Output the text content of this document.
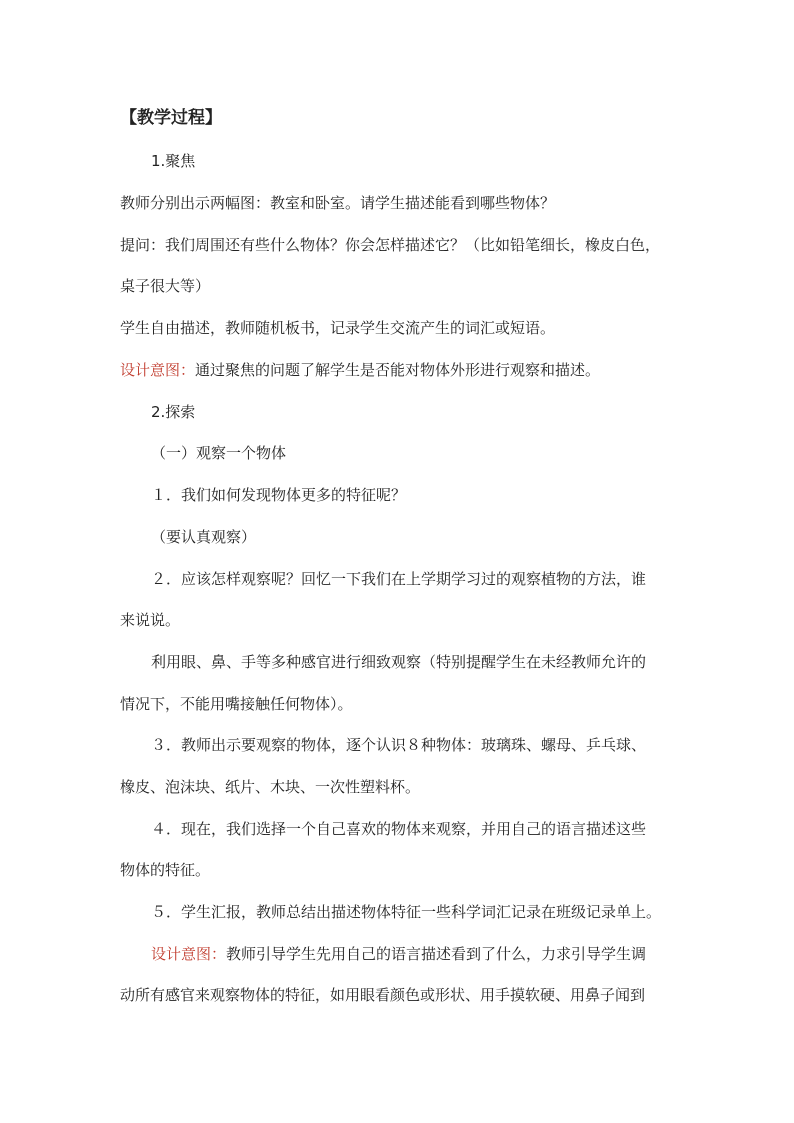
【教学过程】
1.聚焦
教师分别出示两幅图：教室和卧室。请学生描述能看到哪些物体？
提问：我们周围还有些什么物体？你会怎样描述它？（比如铅笔细长，橡皮白色，
桌子很大等）
学生自由描述，教师随机板书，记录学生交流产生的词汇或短语。
设计意图：通过聚焦的问题了解学生是否能对物体外形进行观察和描述。
2.探索
（一）观察一个物体
１．我们如何发现物体更多的特征呢？
（要认真观察）
２．应该怎样观察呢？回忆一下我们在上学期学习过的观察植物的方法，谁
来说说。
利用眼、鼻、手等多种感官进行细致观察（特别提醒学生在未经教师允许的
情况下，不能用嘴接触任何物体）。
３．教师出示要观察的物体，逐个认识８种物体：玻璃珠、螺母、乒乓球、
橡皮、泡沫块、纸片、木块、一次性塑料杯。
４．现在，我们选择一个自己喜欢的物体来观察，并用自己的语言描述这些
物体的特征。
５．学生汇报，教师总结出描述物体特征一些科学词汇记录在班级记录单上。
设计意图：教师引导学生先用自己的语言描述看到了什么，力求引导学生调
动所有感官来观察物体的特征，如用眼看颜色或形状、用手摸软硬、用鼻子闻到
